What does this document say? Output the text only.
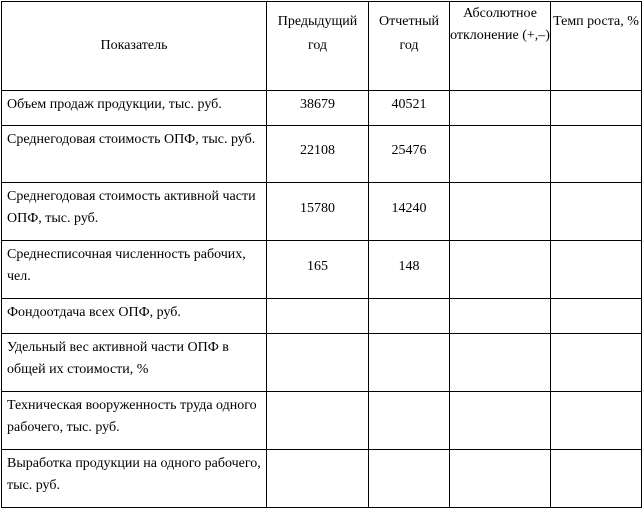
Показатель	Предыдущий год	Отчетный год	Абсолютное отклонение (+,–)	Темп роста, %
Объем продаж продукции, тыс. руб.	38679	40521		
Среднегодовая стоимость ОПФ, тыс. руб.	22108	25476		
Среднегодовая стоимость активной части ОПФ, тыс. руб.	15780	14240		
Среднесписочная численность рабочих, чел.	165	148		
Фондоотдача всех ОПФ, руб.				
Удельный вес активной части ОПФ в общей их стоимости, %				
Техническая вооруженность труда одного рабочего, тыс. руб.				
Выработка продукции на одного рабочего, тыс. руб.				
